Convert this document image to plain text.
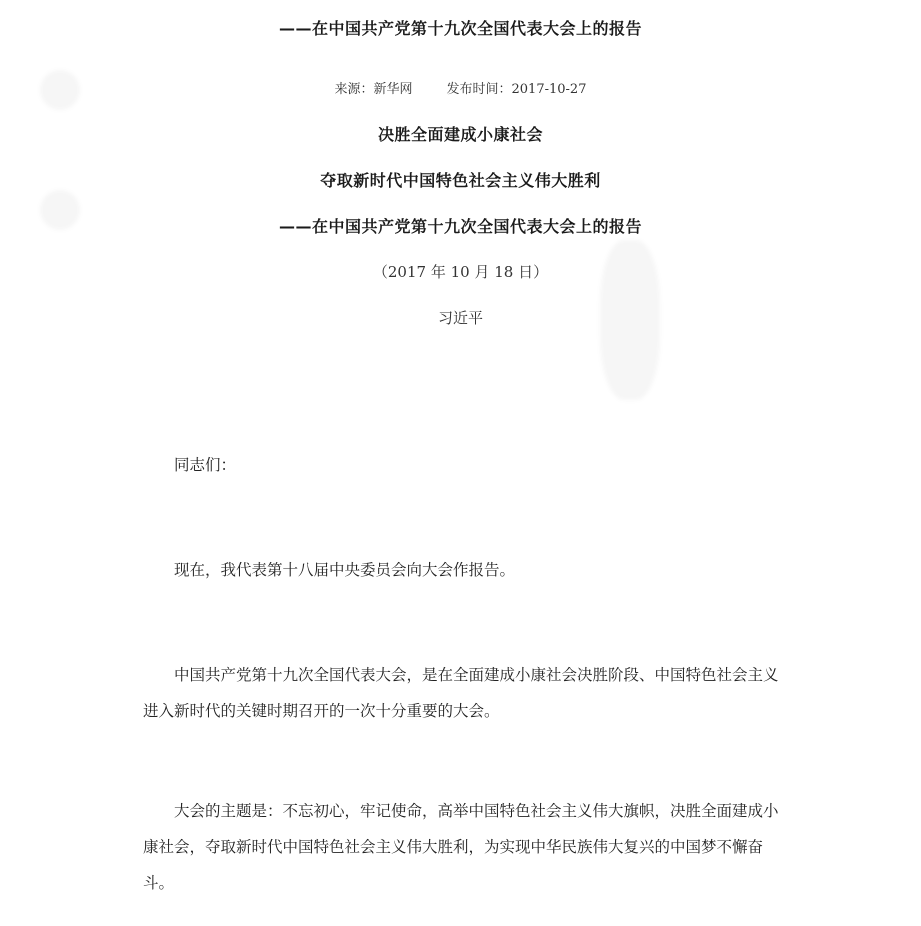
——在中国共产党第十九次全国代表大会上的报告
来源：新华网	发布时间：2017-10-27
决胜全面建成小康社会
夺取新时代中国特色社会主义伟大胜利
——在中国共产党第十九次全国代表大会上的报告
（2017 年 10 月 18 日）
习近平
同志们：
现在，我代表第十八届中央委员会向大会作报告。
中国共产党第十九次全国代表大会，是在全面建成小康社会决胜阶段、中国特色社会主义进入新时代的关键时期召开的一次十分重要的大会。
大会的主题是：不忘初心，牢记使命，高举中国特色社会主义伟大旗帜，决胜全面建成小康社会，夺取新时代中国特色社会主义伟大胜利，为实现中华民族伟大复兴的中国梦不懈奋斗。
